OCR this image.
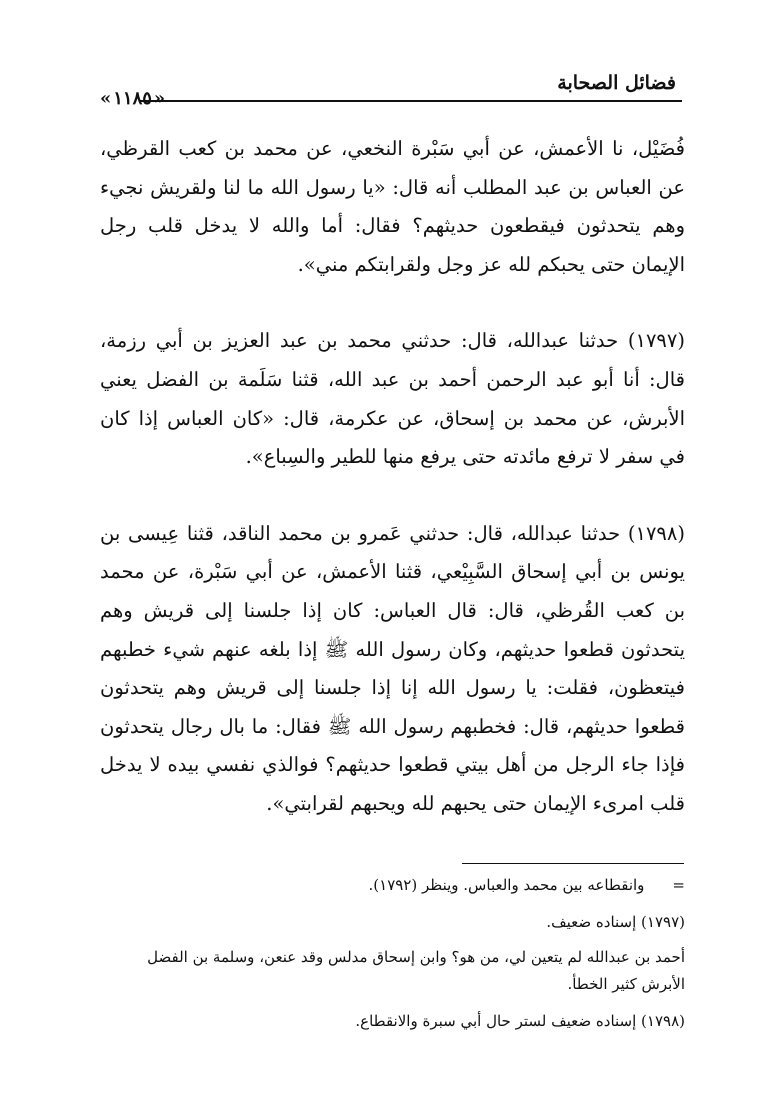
فضائل الصحابة
« ١١٨٥ »

فُضَيْل، نا الأعمش، عن أبي سَبْرة النخعي، عن محمد بن كعب القرظي، عن العباس بن عبد المطلب أنه قال: «يا رسول الله ما لنا ولقريش نجيء وهم يتحدثون فيقطعون حديثهم؟ فقال: أما والله لا يدخل قلب رجل الإيمان حتى يحبكم لله عز وجل ولقرابتكم مني».

(١٧٩٧) حدثنا عبدالله، قال: حدثني محمد بن عبد العزيز بن أبي رزمة، قال: أنا أبو عبد الرحمن أحمد بن عبد الله، قثنا سَلَمة بن الفضل يعني الأبرش، عن محمد بن إسحاق، عن عكرمة، قال: «كان العباس إذا كان في سفر لا ترفع مائدته حتى يرفع منها للطير والسِباع».

(١٧٩٨) حدثنا عبدالله، قال: حدثني عَمرو بن محمد الناقد، قثنا عِيسى بن يونس بن أبي إسحاق السَّبِيْعي، قثنا الأعمش، عن أبي سَبْرة، عن محمد بن كعب القُرظي، قال: قال العباس: كان إذا جلسنا إلى قريش وهم يتحدثون قطعوا حديثهم، وكان رسول الله ﷺ إذا بلغه عنهم شيء خطبهم فيتعظون، فقلت: يا رسول الله إنا إذا جلسنا إلى قريش وهم يتحدثون قطعوا حديثهم، قال: فخطبهم رسول الله ﷺ فقال: ما بال رجال يتحدثون فإذا جاء الرجل من أهل بيتي قطعوا حديثهم؟ فوالذي نفسي بيده لا يدخل قلب امرىء الإيمان حتى يحبهم لله ويحبهم لقرابتي».

=وانقطاعه بين محمد والعباس. وينظر (١٧٩٢).

(١٧٩٧) إسناده ضعيف.

أحمد بن عبدالله لم يتعين لي، من هو؟ وابن إسحاق مدلس وقد عنعن، وسلمة بن الفضل الأبرش كثير الخطأ.

(١٧٩٨) إسناده ضعيف لستر حال أبي سبرة والانقطاع.
